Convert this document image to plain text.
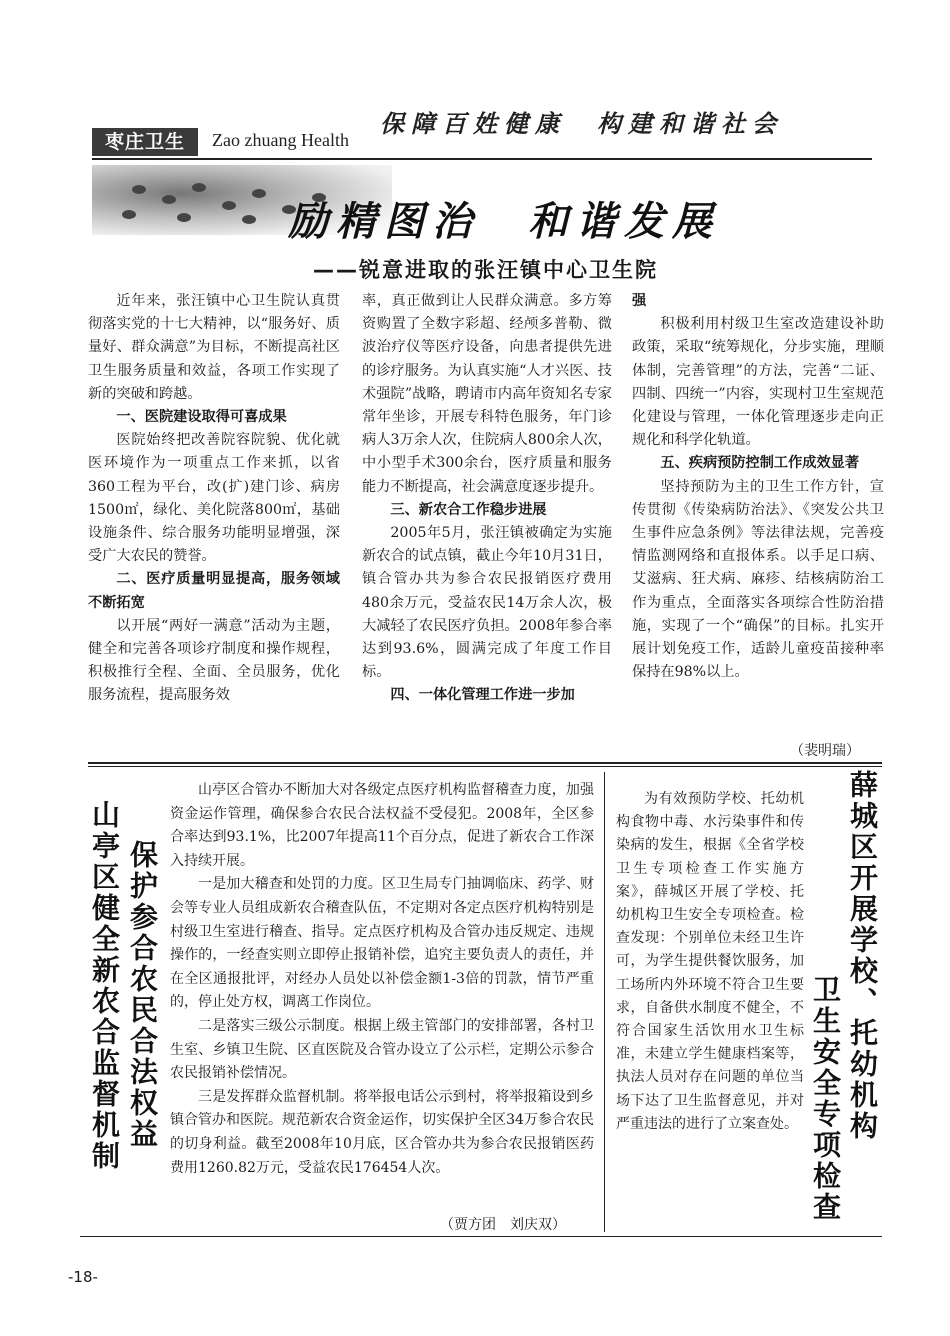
保障百姓健康　构建和谐社会
枣庄卫生	Zao zhuang Health
励精图治　和谐发展
——锐意进取的张汪镇中心卫生院

近年来，张汪镇中心卫生院认真贯彻落实党的十七大精神，以“服务好、质量好、群众满意”为目标，不断提高社区卫生服务质量和效益，各项工作实现了新的突破和跨越。

一、医院建设取得可喜成果

医院始终把改善院容院貌、优化就医环境作为一项重点工作来抓，以省360工程为平台，改(扩)建门诊、病房1500㎡，绿化、美化院落800㎡，基础设施条件、综合服务功能明显增强，深受广大农民的赞誉。

二、医疗质量明显提高，服务领域不断拓宽

以开展“两好一满意”活动为主题，健全和完善各项诊疗制度和操作规程，积极推行全程、全面、全员服务，优化服务流程，提高服务效

率，真正做到让人民群众满意。多方筹资购置了全数字彩超、经颅多普勒、微波治疗仪等医疗设备，向患者提供先进的诊疗服务。为认真实施“人才兴医、技术强院”战略，聘请市内高年资知名专家常年坐诊，开展专科特色服务，年门诊病人3万余人次，住院病人800余人次，中小型手术300余台，医疗质量和服务能力不断提高，社会满意度逐步提升。

三、新农合工作稳步进展

2005年5月，张汪镇被确定为实施新农合的试点镇，截止今年10月31日，镇合管办共为参合农民报销医疗费用480余万元，受益农民14万余人次，极大减轻了农民医疗负担。2008年参合率达到93.6%，圆满完成了年度工作目标。

四、一体化管理工作进一步加
强

积极利用村级卫生室改造建设补助政策，采取“统筹规化，分步实施，理顺体制，完善管理”的方法，完善“二证、四制、四统一”内容，实现村卫生室规范化建设与管理，一体化管理逐步走向正规化和科学化轨道。

五、疾病预防控制工作成效显著

坚持预防为主的卫生工作方针，宣传贯彻《传染病防治法》、《突发公共卫生事件应急条例》等法律法规，完善疫情监测网络和直报体系。以手足口病、艾滋病、狂犬病、麻疹、结核病防治工作为重点，全面落实各项综合性防治措施，实现了一个“确保”的目标。扎实开展计划免疫工作，适龄儿童疫苗接种率保持在98%以上。

（裴明瑞）
山亭区健全新农合监督机制 保护参合农民合法权益

山亭区合管办不断加大对各级定点医疗机构监督稽查力度，加强资金运作管理，确保参合农民合法权益不受侵犯。2008年，全区参合率达到93.1%，比2007年提高11个百分点，促进了新农合工作深入持续开展。

一是加大稽查和处罚的力度。区卫生局专门抽调临床、药学、财会等专业人员组成新农合稽查队伍，不定期对各定点医疗机构特别是村级卫生室进行稽查、指导。定点医疗机构及合管办违反规定、违规操作的，一经查实则立即停止报销补偿，追究主要负责人的责任，并在全区通报批评，对经办人员处以补偿金额1-3倍的罚款，情节严重的，停止处方权，调离工作岗位。

二是落实三级公示制度。根据上级主管部门的安排部署，各村卫生室、乡镇卫生院、区直医院及合管办设立了公示栏，定期公示参合农民报销补偿情况。

三是发挥群众监督机制。将举报电话公示到村，将举报箱设到乡镇合管办和医院。规范新农合资金运作，切实保护全区34万参合农民的切身利益。截至2008年10月底，区合管办共为参合农民报销医药费用1260.82万元，受益农民176454人次。

（贾方团　刘庆双）

为有效预防学校、托幼机构食物中毒、水污染事件和传染病的发生，根据《全省学校卫生专项检查工作实施方案》，薛城区开展了学校、托幼机构卫生安全专项检查。检查发现：个别单位未经卫生许可，为学生提供餐饮服务，加工场所内外环境不符合卫生要求，自备供水制度不健全，不符合国家生活饮用水卫生标准，未建立学生健康档案等，执法人员对存在问题的单位当场下达了卫生监督意见，并对严重违法的进行了立案查处。 薛城区开展学校、托幼机构
卫生安全专项检查
-18-
